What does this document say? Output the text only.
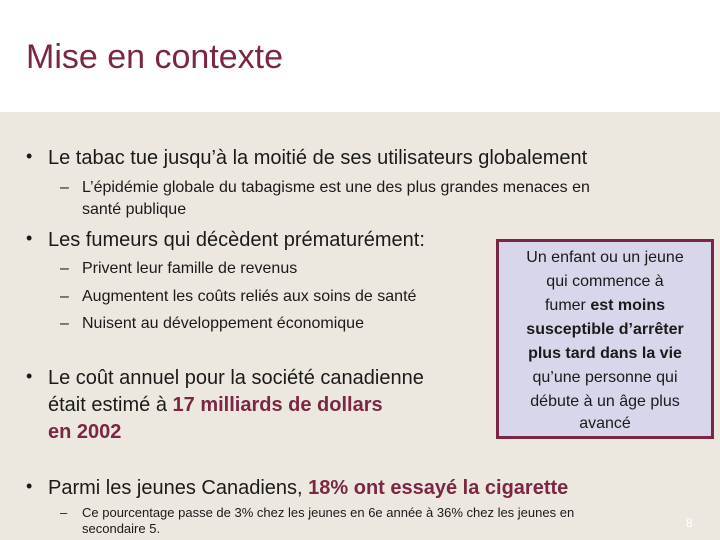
Mise en contexte
• Le tabac tue jusqu’à la moitié de ses utilisateurs globalement
– L’épidémie globale du tabagisme est une des plus grandes menaces en
santé publique
• Les fumeurs qui décèdent prématurément:
– Privent leur famille de revenus
– Augmentent les coûts reliés aux soins de santé
– Nuisent au développement économique
• Le coût annuel pour la société canadienne
était estimé à 17 milliards de dollars
en 2002
Un enfant ou un jeune
qui commence à
fumer est moins
susceptible d’arrêter
plus tard dans la vie
qu’une personne qui
débute à un âge plus
avancé
• Parmi les jeunes Canadiens, 18% ont essayé la cigarette
– Ce pourcentage passe de 3% chez les jeunes en 6e année à 36% chez les jeunes en
secondaire 5.	8
